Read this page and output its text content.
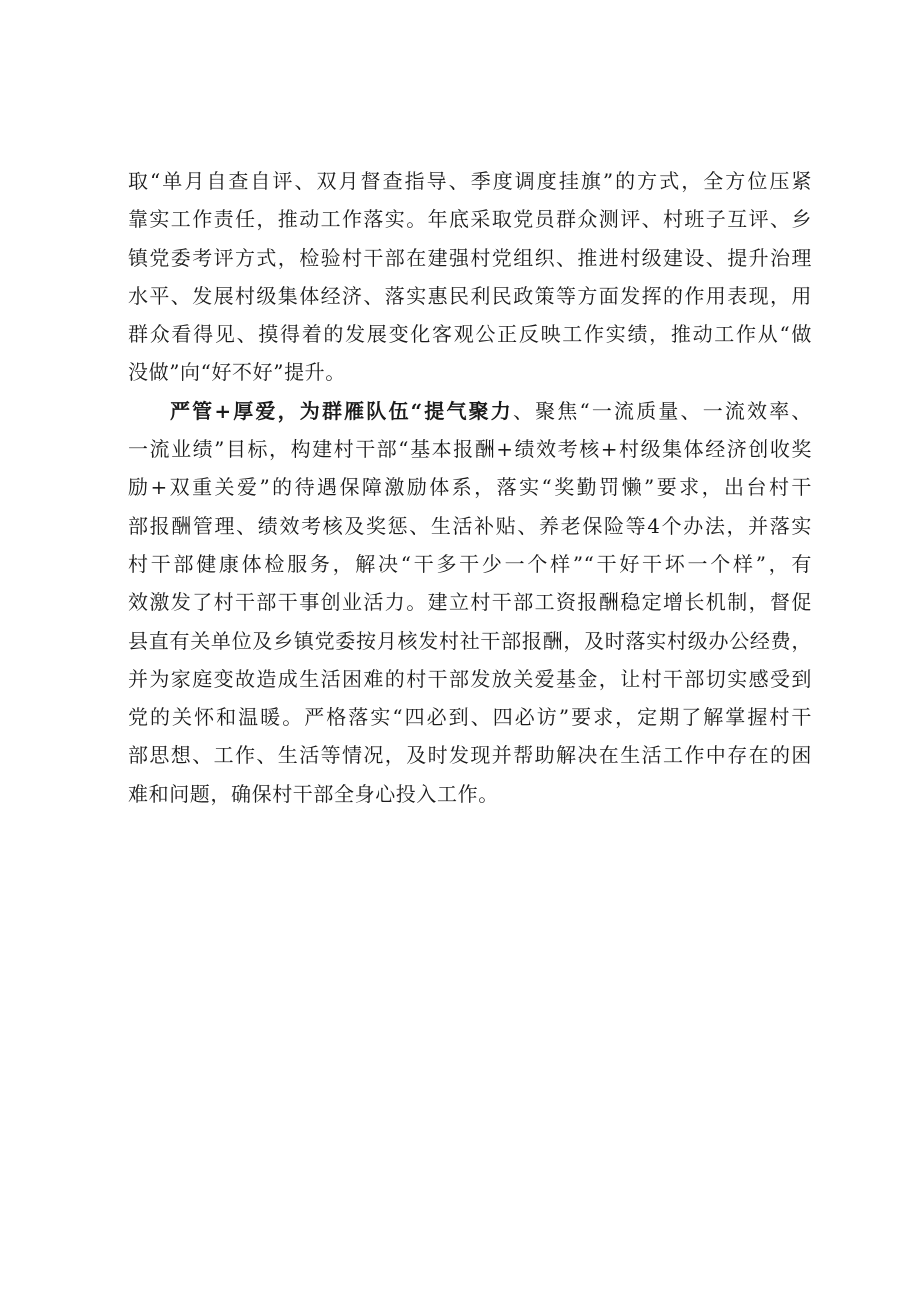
取“单月自查自评、双月督查指导、季度调度挂旗”的方式，全方位压紧
靠实工作责任，推动工作落实。年底采取党员群众测评、村班子互评、乡
镇党委考评方式，检验村干部在建强村党组织、推进村级建设、提升治理
水平、发展村级集体经济、落实惠民利民政策等方面发挥的作用表现，用
群众看得见、摸得着的发展变化客观公正反映工作实绩，推动工作从“做
没做”向“好不好”提升。
严管+厚爱，为群雁队伍“提气聚力、聚焦“一流质量、一流效率、
一流业绩”目标，构建村干部“基本报酬+绩效考核+村级集体经济创收奖
励+双重关爱”的待遇保障激励体系，落实“奖勤罚懒”要求，出台村干
部报酬管理、绩效考核及奖惩、生活补贴、养老保险等4个办法，并落实
村干部健康体检服务，解决“干多干少一个样”“干好干坏一个样”，有
效激发了村干部干事创业活力。建立村干部工资报酬稳定增长机制，督促
县直有关单位及乡镇党委按月核发村社干部报酬，及时落实村级办公经费，
并为家庭变故造成生活困难的村干部发放关爱基金，让村干部切实感受到
党的关怀和温暖。严格落实“四必到、四必访”要求，定期了解掌握村干
部思想、工作、生活等情况，及时发现并帮助解决在生活工作中存在的困
难和问题，确保村干部全身心投入工作。
